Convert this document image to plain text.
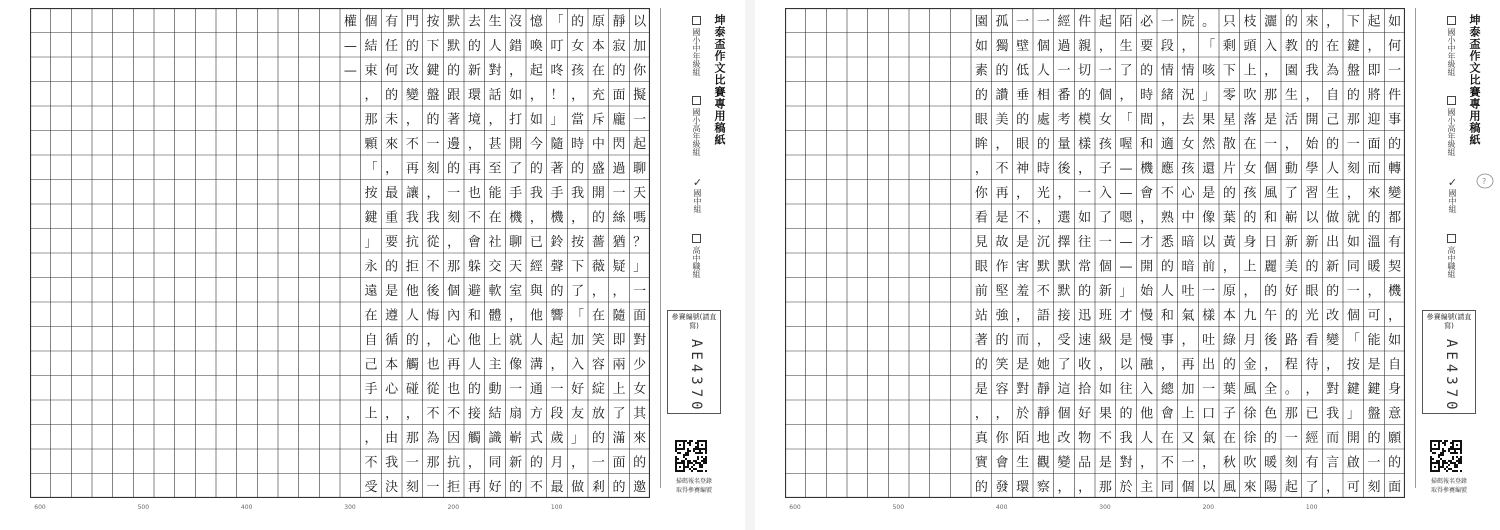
以
加
你
擬
一
起
聊
天
嗎
？
」
一
面
對
少
女
其
來
的
邀
靜
寂
的
面
龐
閃
過
一
絲
猶
疑
，
隨
即
兩
上
了
滿
面
的
原
本
在
充
斥
中
盛
開
的
薔
薇
，
在
笑
容
綻
放
的
一
剎
的
女
孩
，
當
時
的
我
，
按
下
了
「
加
入
好
友
」
，
做
「
叮
咚
！
」
隨
著
手
機
鈴
聲
的
響
起
，
一
段
歲
月
最
憶
喚
起
，
如
今
的
我
，
已
經
與
他
人
溝
通
方
式
的
不
沒
錯
，
如
打
開
了
手
機
聊
天
室
，
就
像
一
扇
嶄
新
的
生
人
對
話
，
甚
至
能
在
社
交
軟
體
上
主
動
結
識
同
好
去
的
新
環
境
，
再
也
不
會
躲
避
和
他
人
的
接
觸
，
再
默
默
的
跟
著
邊
的
一
刻
，
那
個
內
心
再
也
不
因
抗
拒
按
下
鍵
盤
的
一
刻
，
我
從
不
後
悔
，
也
從
不
為
那
一
門
的
改
變
，
不
再
讓
我
抗
拒
他
人
的
觸
碰
，
那
一
刻
有
任
何
的
未
來
，
最
重
要
的
是
遵
循
本
心
，
由
我
決
個
結
束
，
那
顆
「
按
鍵
」
永
遠
在
自
己
手
上
，
不
受
權
—
—
600	500	400	300	200	100
坤泰盃作文比賽專用稿紙
國小中年級組
國小高年級組
✓國中組
高中職組
參賽編號(請直寫)
AE4370
掃碼報名登錄
取得參賽編號
如
何
一
件
事
的
轉
變
都
有
契
機
，
如
自
身
意
願
的
面
起
，
即
將
迎
面
而
來
的
溫
暖
，
可
能
是
鍵
盤
的
一
刻
下
鍵
盤
的
那
一
刻
，
就
如
同
一
個
「
按
鍵
」
開
啟
可
，
在
為
自
己
的
人
生
做
出
新
的
改
變
，
對
我
而
言
，
來
的
我
，
開
始
學
習
以
新
的
眼
光
看
待
，
已
經
有
了
的
教
園
生
活
，
動
了
嶄
新
美
好
的
路
程
。
那
一
刻
起
灑
入
，
那
是
一
個
風
和
日
麗
的
午
後
，
全
色
的
暖
陽
枝
頭
上
吹
落
在
女
孩
的
身
上
，
九
月
金
風
徐
徐
吹
來
只
剩
下
零
星
散
片
的
葉
黃
，
原
本
綠
的
葉
子
在
秋
風
。
「
咳
」
果
然
還
是
像
以
前
一
樣
吐
出
一
口
氣
，
以
院
，
情
況
去
女
孩
心
中
暗
暗
吐
氣
，
再
加
上
又
一
個
一
段
情
緒
，
適
應
不
熟
悉
的
人
和
事
，
總
會
在
不
同
必
要
的
時
間
和
機
會
，
才
開
始
慢
慢
融
入
他
人
，
主
陌
生
了
，
「
喔
—
—
嗯
—
—
」
才
是
以
往
的
我
對
於
起
，
一
個
女
孩
子
入
了
一
個
新
班
級
，
如
果
不
是
那
件
親
切
的
模
樣
，
一
如
往
常
的
迅
速
收
拾
好
物
品
，
經
過
一
番
考
量
後
，
選
擇
默
默
接
受
了
這
個
改
變
，
一
個
人
相
處
的
時
光
，
沉
默
不
語
，
她
靜
靜
地
觀
察
一
壁
低
垂
的
眼
神
，
不
是
害
羞
，
而
是
對
於
陌
生
環
孤
獨
的
讚
美
，
不
再
是
故
作
堅
強
的
笑
容
，
你
會
發
園
如
素
的
眼
眸
，
你
看
見
眼
前
站
著
的
是
，
真
實
的
600	500	400	300	200	100
坤泰盃作文比賽專用稿紙
國小中年級組
國小高年級組
✓國中組
高中職組
?
參賽編號(請直寫)
AE4370
掃碼報名登錄
取得參賽編號
